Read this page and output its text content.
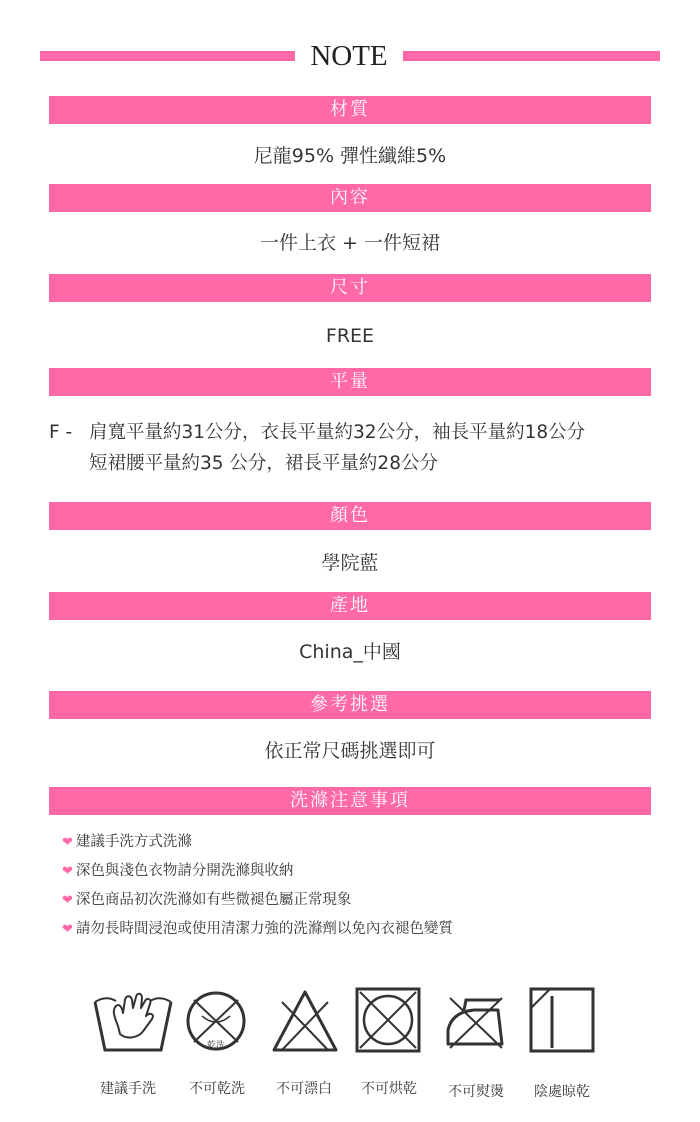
NOTE
材質
尼龍95% 彈性纖維5%
內容
一件上衣 + 一件短裙
尺寸
FREE
平量
F - 肩寬平量約31公分，衣長平量約32公分，袖長平量約18公分
短裙腰平量約35 公分，裙長平量約28公分
顏色
學院藍
產地
China_中國
參考挑選
依正常尺碼挑選即可
洗滌注意事項
❤ 建議手洗方式洗滌
❤ 深色與淺色衣物請分開洗滌與收納
❤ 深色商品初次洗滌如有些微褪色屬正常現象
❤ 請勿長時間浸泡或使用清潔力強的洗滌劑以免內衣褪色變質
乾洗
建議手洗	不可乾洗	不可漂白	不可烘乾	不可熨燙	陰處晾乾
